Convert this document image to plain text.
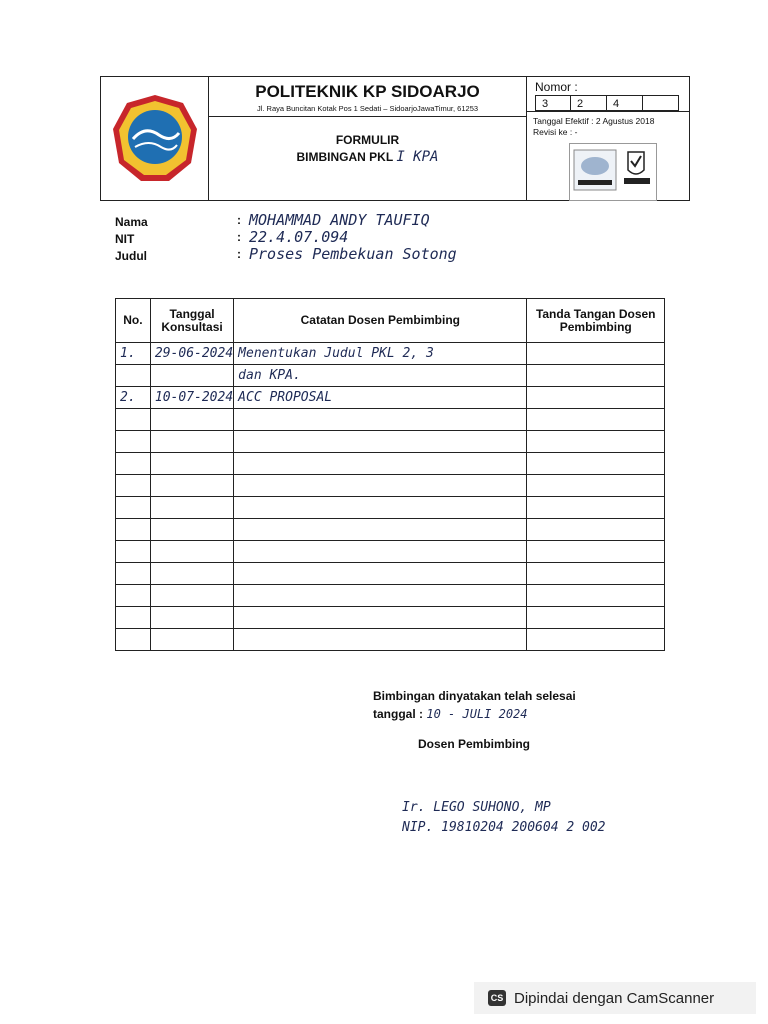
POLITEKNIK KP SIDOARJO
Jl. Raya Buncitan Kotak Pos 1 Sedati – SidoarjoJawaTimur, 61253
FORMULIR
BIMBINGAN PKL I KPA
Nomor :
3	2	4
Tanggal Efektif : 2 Agustus 2018
Revisi ke : -
Nama	: MOHAMMAD ANDY TAUFIQ
NIT	: 22.4.07.094
Judul	: Proses Pembekuan Sotong
No.	Tanggal Konsultasi	Catatan Dosen Pembimbing	Tanda Tangan Dosen Pembimbing
1.	29-06-2024	Menentukan Judul PKL 2, 3	
		dan KPA.	
2.	10-07-2024	ACC PROPOSAL	

Bimbingan dinyatakan telah selesai
tanggal : 10 - JULI 2024
Dosen Pembimbing
Ir. LEGO SUHONO, MP
NIP. 19810204 200604 2 002
CS Dipindai dengan CamScanner
